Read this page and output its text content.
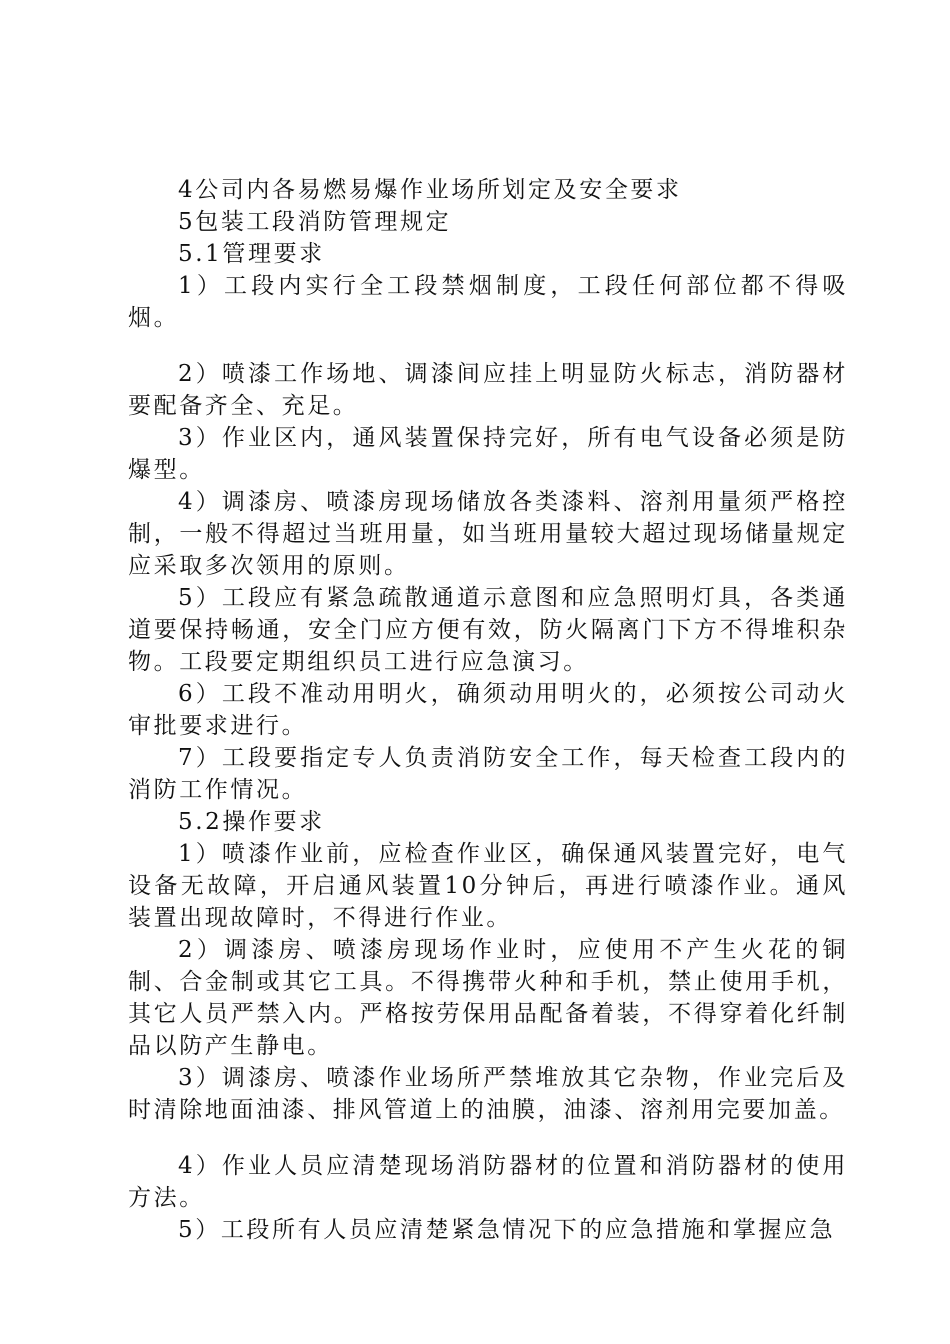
4公司内各易燃易爆作业场所划定及安全要求

5包装工段消防管理规定

5.1管理要求

1）工段内实行全工段禁烟制度，工段任何部位都不得吸烟。

2）喷漆工作场地、调漆间应挂上明显防火标志，消防器材要配备齐全、充足。

3）作业区内，通风装置保持完好，所有电气设备必须是防爆型。

4）调漆房、喷漆房现场储放各类漆料、溶剂用量须严格控制，一般不得超过当班用量，如当班用量较大超过现场储量规定应采取多次领用的原则。

5）工段应有紧急疏散通道示意图和应急照明灯具，各类通道要保持畅通，安全门应方便有效，防火隔离门下方不得堆积杂物。工段要定期组织员工进行应急演习。

6）工段不准动用明火，确须动用明火的，必须按公司动火审批要求进行。

7）工段要指定专人负责消防安全工作，每天检查工段内的消防工作情况。

5.2操作要求

1）喷漆作业前，应检查作业区，确保通风装置完好，电气设备无故障，开启通风装置10分钟后，再进行喷漆作业。通风装置出现故障时，不得进行作业。

2）调漆房、喷漆房现场作业时，应使用不产生火花的铜制、合金制或其它工具。不得携带火种和手机，禁止使用手机，其它人员严禁入内。严格按劳保用品配备着装，不得穿着化纤制品以防产生静电。

3）调漆房、喷漆作业场所严禁堆放其它杂物，作业完后及时清除地面油漆、排风管道上的油膜，油漆、溶剂用完要加盖。

4）作业人员应清楚现场消防器材的位置和消防器材的使用方法。

5）工段所有人员应清楚紧急情况下的应急措施和掌握应急
